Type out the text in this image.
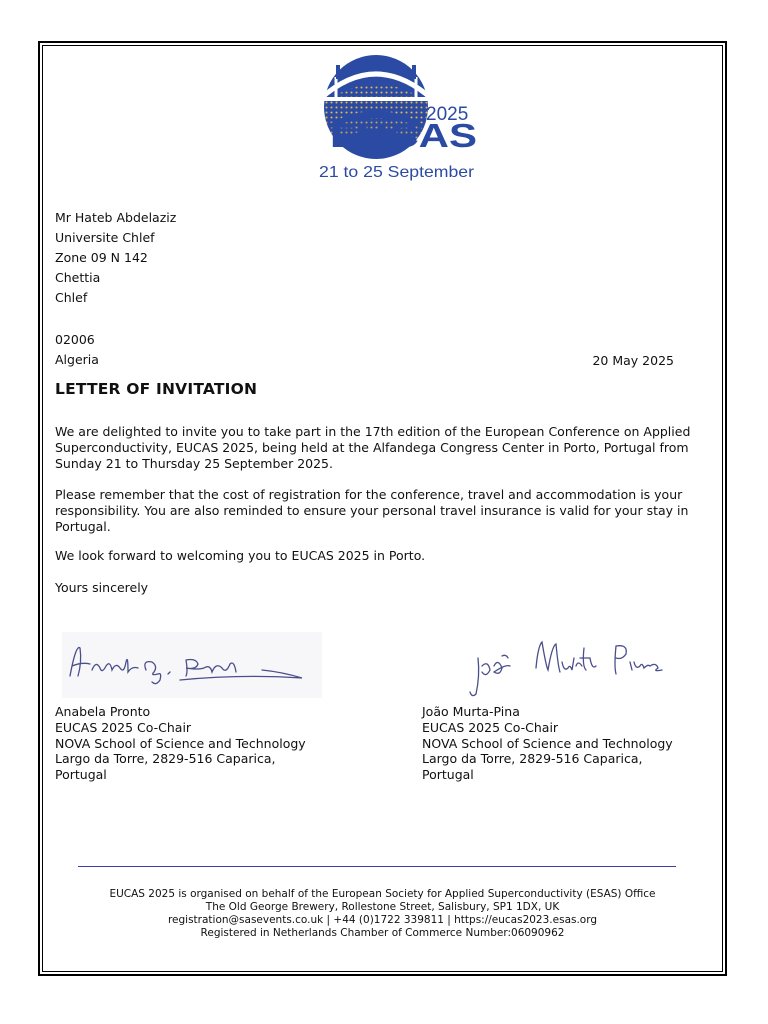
2025
EUCAS
21 to 25 September
Mr Hateb Abdelaziz
Universite Chlef
Zone 09 N 142
Chettia
Chlef
02006
Algeria	20 May 2025
LETTER OF INVITATION
We are delighted to invite you to take part in the 17th edition of the European Conference on Applied Superconductivity, EUCAS 2025, being held at the Alfandega Congress Center in Porto, Portugal from Sunday 21 to Thursday 25 September 2025.
Please remember that the cost of registration for the conference, travel and accommodation is your responsibility. You are also reminded to ensure your personal travel insurance is valid for your stay in Portugal.
We look forward to welcoming you to EUCAS 2025 in Porto.
Yours sincerely
Anabela Pronto
EUCAS 2025 Co-Chair
NOVA School of Science and Technology
Largo da Torre, 2829-516 Caparica,
Portugal
João Murta-Pina
EUCAS 2025 Co-Chair
NOVA School of Science and Technology
Largo da Torre, 2829-516 Caparica,
Portugal
EUCAS 2025 is organised on behalf of the European Society for Applied Superconductivity (ESAS) Office
The Old George Brewery, Rollestone Street, Salisbury, SP1 1DX, UK
registration@sasevents.co.uk | +44 (0)1722 339811 | https://eucas2023.esas.org
Registered in Netherlands Chamber of Commerce Number:06090962
